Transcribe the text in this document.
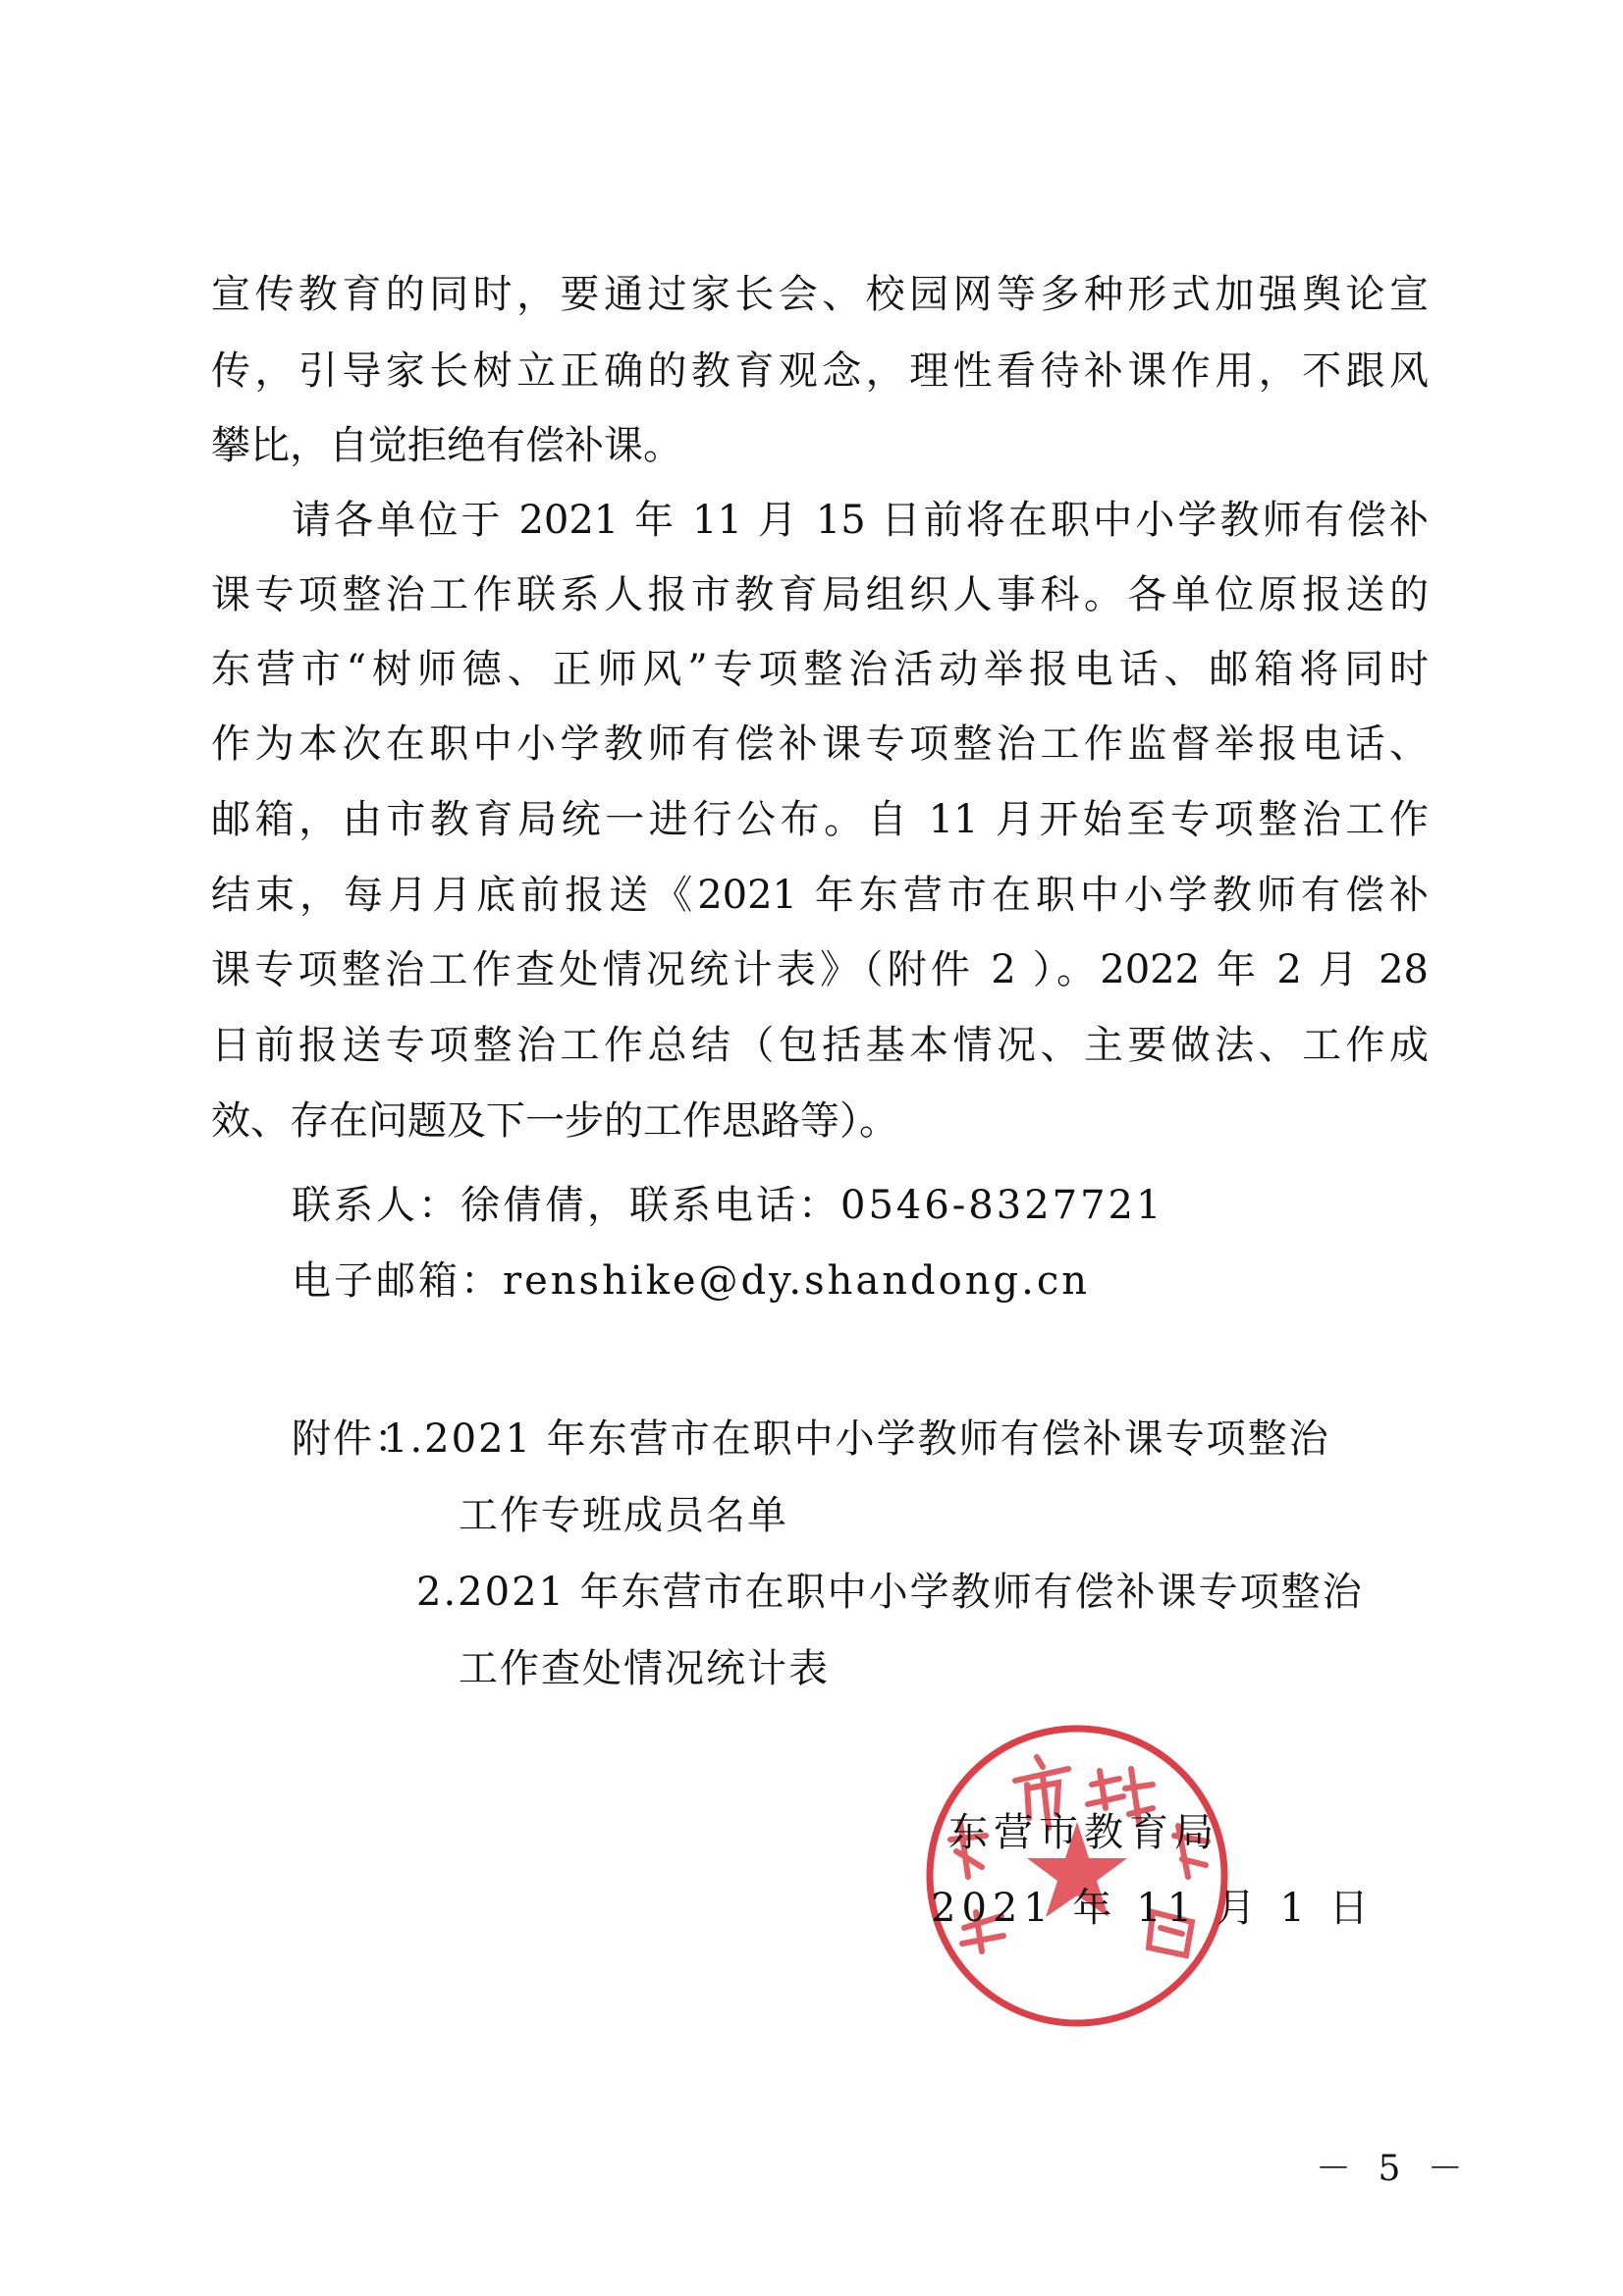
宣传教育的同时，要通过家长会、校园网等多种形式加强舆论宣
传，引导家长树立正确的教育观念，理性看待补课作用，不跟风
攀比，自觉拒绝有偿补课。
请各单位于 2021 年 11 月 15 日前将在职中小学教师有偿补
课专项整治工作联系人报市教育局组织人事科。各单位原报送的
东营市“树师德、正师风”专项整治活动举报电话、邮箱将同时
作为本次在职中小学教师有偿补课专项整治工作监督举报电话、
邮箱，由市教育局统一进行公布。自 11 月开始至专项整治工作
结束，每月月底前报送《2021 年东营市在职中小学教师有偿补
课专项整治工作查处情况统计表》（附件 2 ）。2022 年 2 月 28
日前报送专项整治工作总结（包括基本情况、主要做法、工作成
效、存在问题及下一步的工作思路等）。
联系人：徐倩倩，联系电话：0546-8327721
电子邮箱：renshike@dy.shandong.cn
附件：
1.2021 年东营市在职中小学教师有偿补课专项整治
工作专班成员名单
2.2021 年东营市在职中小学教师有偿补课专项整治
工作查处情况统计表
东营市教育局
2021 年 11 月 1 日
－ 5 －
